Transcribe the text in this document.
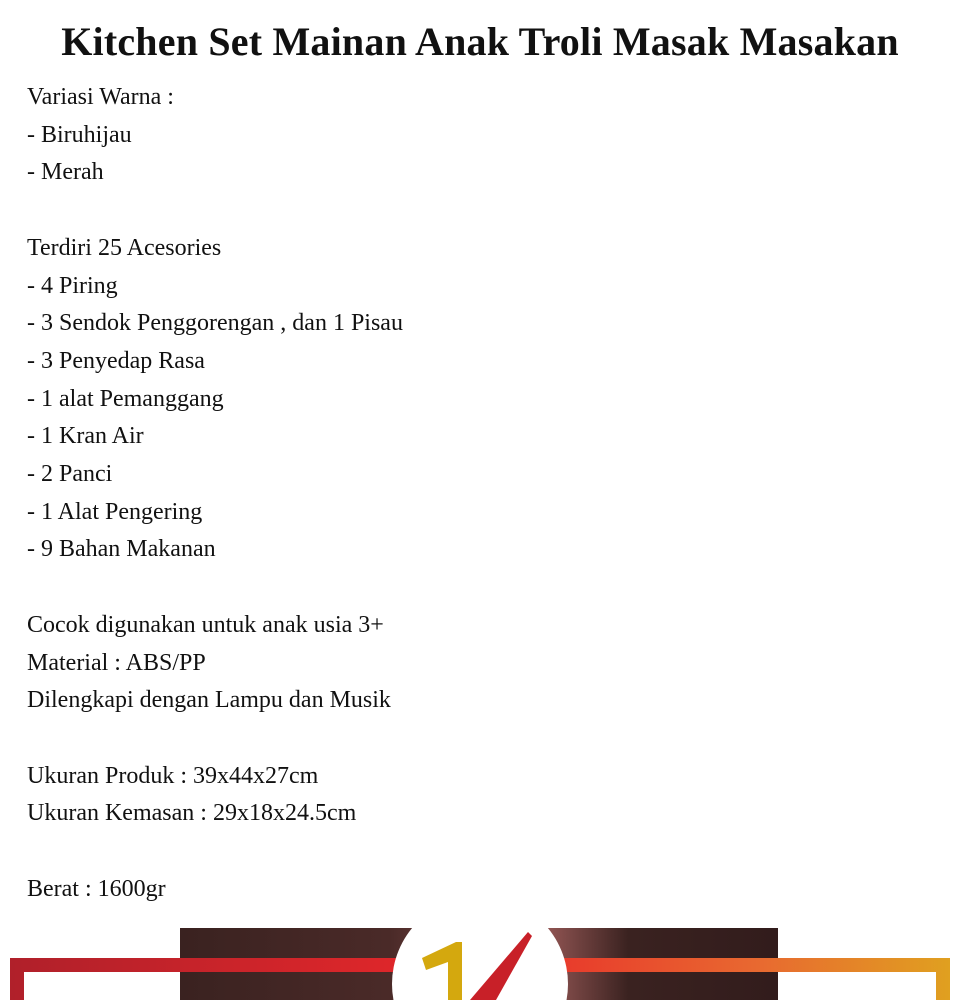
Kitchen Set Mainan Anak Troli Masak Masakan
Variasi Warna :
- Biruhijau
- Merah
Terdiri 25 Acesories
- 4 Piring
- 3 Sendok Penggorengan , dan 1 Pisau
- 3 Penyedap Rasa
- 1 alat Pemanggang
- 1 Kran Air
- 2 Panci
- 1 Alat Pengering
- 9 Bahan Makanan
Cocok digunakan untuk anak usia 3+
Material : ABS/PP
Dilengkapi dengan Lampu dan Musik
Ukuran Produk : 39x44x27cm
Ukuran Kemasan : 29x18x24.5cm
Berat : 1600gr
